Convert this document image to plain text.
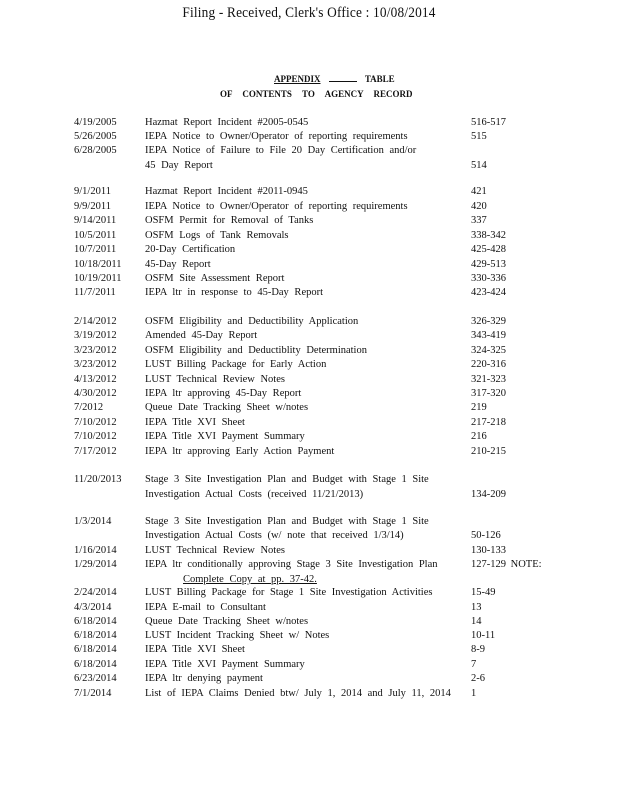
Filing - Received, Clerk's Office : 10/08/2014
APPENDIX	TABLE
OF CONTENTS TO AGENCY RECORD
4/19/2005	Hazmat Report Incident #2005-0545	516-517
5/26/2005	IEPA Notice to Owner/Operator of reporting requirements	515
6/28/2005	IEPA Notice of Failure to File 20 Day Certification and/or
45 Day Report	514
9/1/2011	Hazmat Report Incident #2011-0945	421
9/9/2011	IEPA Notice to Owner/Operator of reporting requirements	420
9/14/2011	OSFM Permit for Removal of Tanks	337
10/5/2011	OSFM Logs of Tank Removals	338-342
10/7/2011	20-Day Certification	425-428
10/18/2011 45-Day Report	429-513
10/19/2011 OSFM Site Assessment Report	330-336
11/7/2011	IEPA ltr in response to 45-Day Report	423-424
2/14/2012	OSFM Eligibility and Deductibility Application	326-329
3/19/2012	Amended 45-Day Report	343-419
3/23/2012	OSFM Eligibility and Deductiblity Determination	324-325
3/23/2012	LUST Billing Package for Early Action	220-316
4/13/2012	LUST Technical Review Notes	321-323
4/30/2012	IEPA ltr approving 45-Day Report	317-320
7/2012	Queue Date Tracking Sheet w/notes	219
7/10/2012	IEPA Title XVI Sheet	217-218
7/10/2012	IEPA Title XVI Payment Summary	216
7/17/2012	IEPA ltr approving Early Action Payment	210-215
11/20/2013 Stage 3 Site Investigation Plan and Budget with Stage 1 Site
Investigation Actual Costs (received 11/21/2013)	134-209
1/3/2014	Stage 3 Site Investigation Plan and Budget with Stage 1 Site
Investigation Actual Costs (w/ note that received 1/3/14)	50-126
1/16/2014	LUST Technical Review Notes	130-133
1/29/2014	IEPA ltr conditionally approving Stage 3 Site Investigation Plan	127-129 NOTE:
Complete Copy at pp. 37-42.
2/24/2014	LUST Billing Package for Stage 1 Site Investigation Activities	15-49
4/3/2014	IEPA E-mail to Consultant	13
6/18/2014	Queue Date Tracking Sheet w/notes	14
6/18/2014	LUST Incident Tracking Sheet w/ Notes	10-11
6/18/2014	IEPA Title XVI Sheet	8-9
6/18/2014	IEPA Title XVI Payment Summary	7
6/23/2014	IEPA ltr denying payment	2-6
7/1/2014	List of IEPA Claims Denied btw/ July 1, 2014 and July 11, 2014 1
